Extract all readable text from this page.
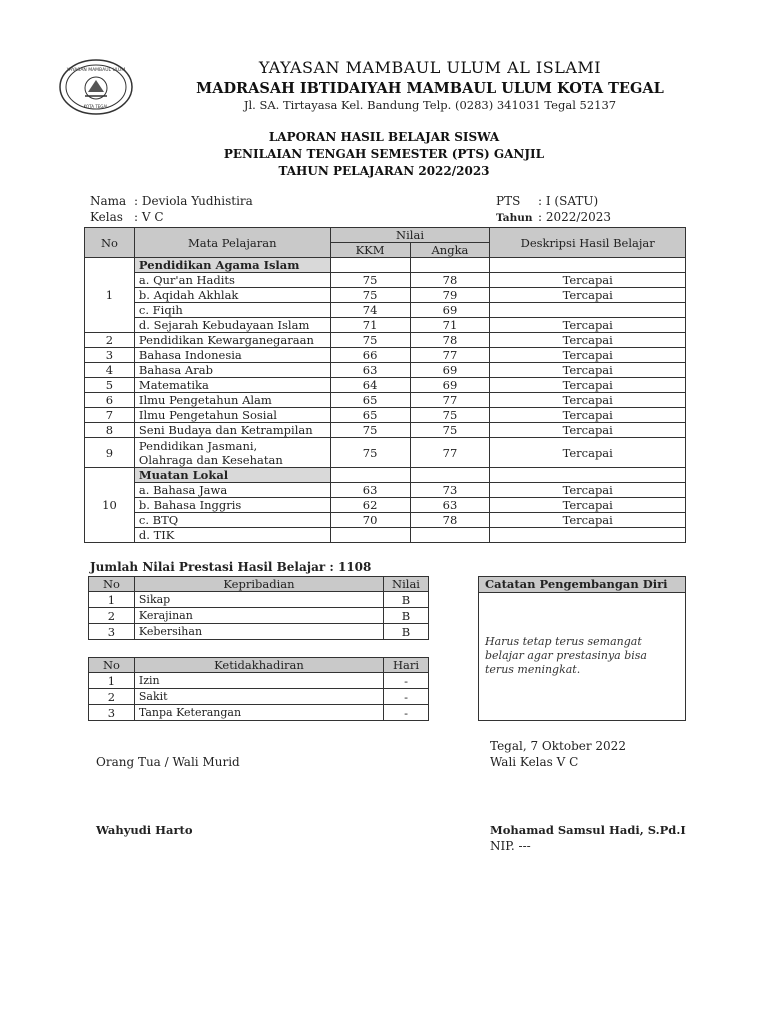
YAYASAN MAMBAUL ULUM
KOTA TEGAL
YAYASAN MAMBAUL ULUM AL ISLAMI
MADRASAH IBTIDAIYAH MAMBAUL ULUM KOTA TEGAL
Jl. SA. Tirtayasa Kel. Bandung Telp. (0283) 341031 Tegal 52137
LAPORAN HASIL BELAJAR SISWA
PENILAIAN TENGAH SEMESTER (PTS) GANJIL
TAHUN PELAJARAN 2022/2023
Nama : Deviola Yudhistira
Kelas : V C
PTS : I (SATU)
Tahun : 2022/2023
No	Mata Pelajaran	Nilai		Deskripsi Hasil Belajar
		KKM	Angka	
1	Pendidikan Agama Islam			

	a. Qur'an Hadits	75	78	Tercapai
	b. Aqidah Akhlak	75	79	Tercapai
	c. Fiqih	74	69	
	d. Sejarah Kebudayaan Islam	71	71	Tercapai
2	Pendidikan Kewarganegaraan	75	78	Tercapai
3	Bahasa Indonesia	66	77	Tercapai
4	Bahasa Arab	63	69	Tercapai
5	Matematika	64	69	Tercapai
6	Ilmu Pengetahun Alam	65	77	Tercapai
7	Ilmu Pengetahun Sosial	65	75	Tercapai
8	Seni Budaya dan Ketrampilan	75	75	Tercapai
9	Pendidikan Jasmani,
Olahraga dan Kesehatan	75	77	Tercapai
10	Muatan Lokal			

	a. Bahasa Jawa	63	73	Tercapai
	b. Bahasa Inggris	62	63	Tercapai
	c. BTQ	70	78	Tercapai
	d. TIK			
Jumlah Nilai Prestasi Hasil Belajar : 1108
No	Kepribadian	Nilai
1	Sikap	B
2	Kerajinan	B
3	Kebersihan	B
No	Ketidakhadiran	Hari
1	Izin	-
2	Sakit	-
3	Tanpa Keterangan	-
Catatan Pengembangan Diri
Harus tetap terus semangat
belajar agar prestasinya bisa
terus meningkat.
Tegal, 7 Oktober 2022
Orang Tua / Wali Murid	Wali Kelas V C
Wahyudi Harto	Mohamad Samsul Hadi, S.Pd.I
NIP. ---
